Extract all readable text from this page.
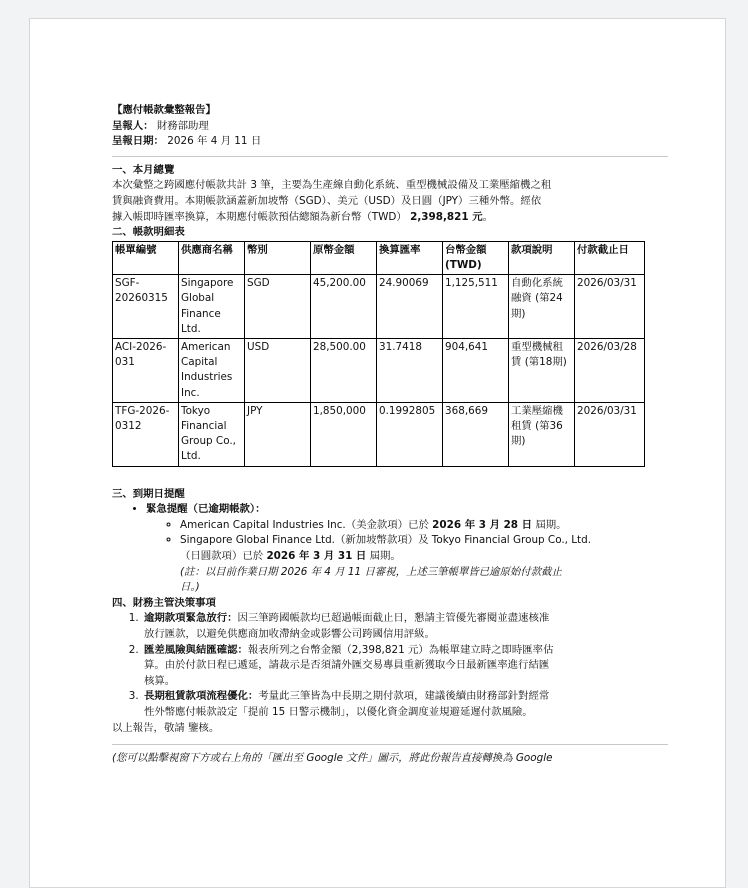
【應付帳款彙整報告】
呈報人： 財務部助理
呈報日期： 2026 年 4 月 11 日
一、本月總覽
本次彙整之跨國應付帳款共計 3 筆，主要為生產線自動化系統、重型機械設備及工業壓縮機之租
賃與融資費用。本期帳款涵蓋新加坡幣（SGD）、美元（USD）及日圓（JPY）三種外幣。經依
據入帳即時匯率換算，本期應付帳款預估總額為新台幣（TWD） 2,398,821 元。
二、帳款明細表
帳單編號	供應商名稱	幣別	原幣金額	換算匯率	台幣金額 (TWD)	款項說明	付款截止日
SGF-20260315	Singapore Global Finance Ltd.	SGD	45,200.00	24.90069	1,125,511	自動化系統融資 (第24期)	2026/03/31
ACI-2026-031	American Capital Industries Inc.	USD	28,500.00	31.7418	904,641	重型機械租賃 (第18期)	2026/03/28
TFG-2026-0312	Tokyo Financial Group Co., Ltd.	JPY	1,850,000	0.1992805	368,669	工業壓縮機租賃 (第36期)	2026/03/31
三、到期日提醒
• 緊急提醒（已逾期帳款）：
◦ American Capital Industries Inc.（美金款項）已於 2026 年 3 月 28 日 屆期。
◦ Singapore Global Finance Ltd.（新加坡幣款項）及 Tokyo Financial Group Co., Ltd.
（日圓款項）已於 2026 年 3 月 31 日 屆期。
(註：以目前作業日期 2026 年 4 月 11 日審視，上述三筆帳單皆已逾原始付款截止
日。)
四、財務主管決策事項
1. 逾期款項緊急放行：因三筆跨國帳款均已超過帳面截止日，懇請主管優先審閱並盡速核准
放行匯款，以避免供應商加收滯納金或影響公司跨國信用評級。
2. 匯差風險與結匯確認：報表所列之台幣金額（2,398,821 元）為帳單建立時之即時匯率估
算。由於付款日程已遞延，請裁示是否須請外匯交易專員重新獲取今日最新匯率進行結匯
核算。
3. 長期租賃款項流程優化：考量此三筆皆為中長期之期付款項，建議後續由財務部針對經常
性外幣應付帳款設定「提前 15 日警示機制」，以優化資金調度並規避延遲付款風險。
以上報告，敬請 鑒核。
(您可以點擊視窗下方或右上角的「匯出至 Google 文件」圖示，將此份報告直接轉換為 Google
